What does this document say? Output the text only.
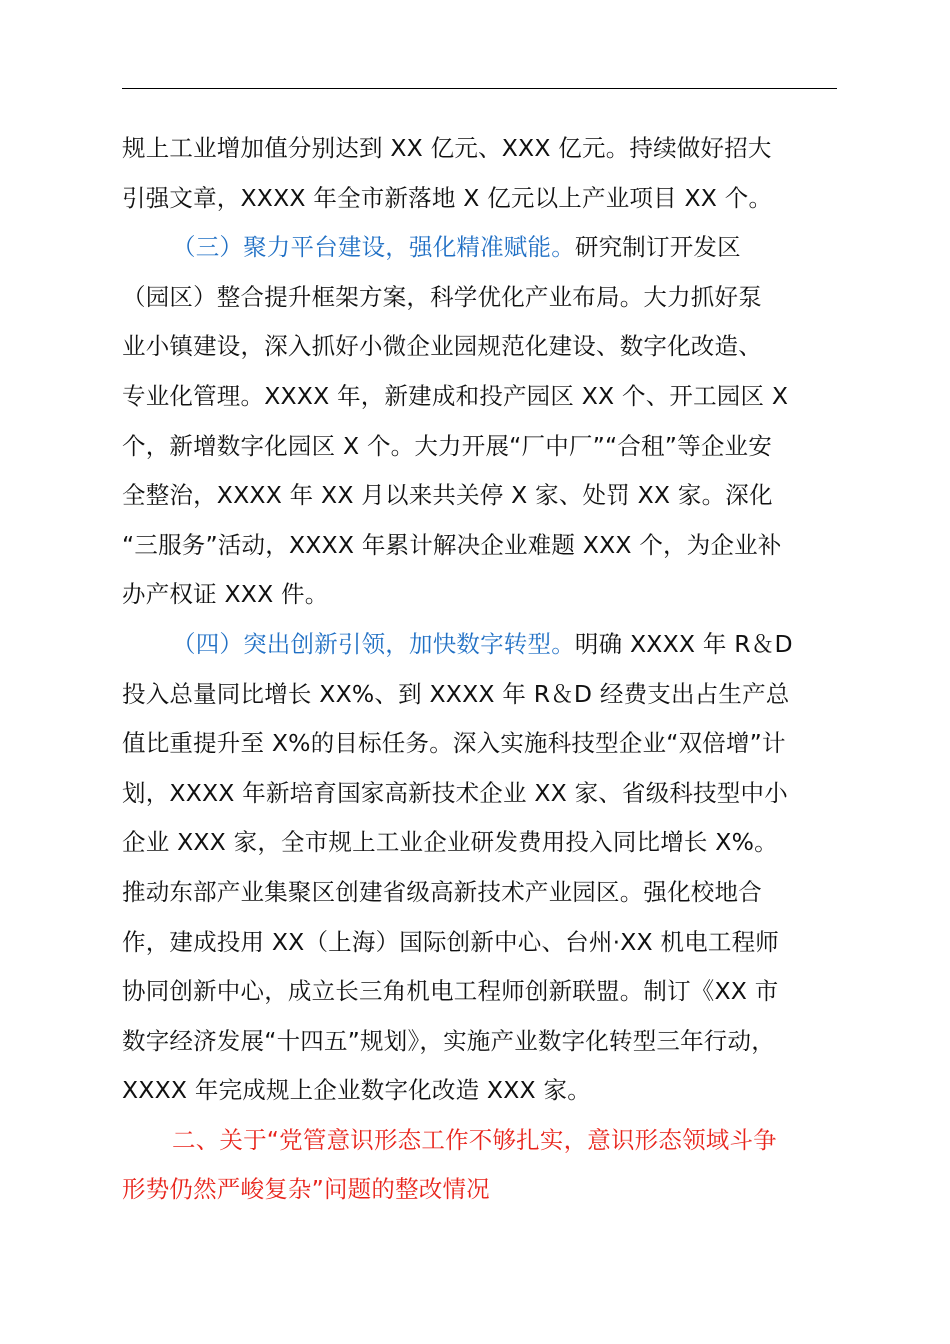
规上工业增加值分别达到 XX 亿元、XXX 亿元。持续做好招大
引强文章，XXXX 年全市新落地 X 亿元以上产业项目 XX 个。
（三）聚力平台建设，强化精准赋能。研究制订开发区
（园区）整合提升框架方案，科学优化产业布局。大力抓好泵
业小镇建设，深入抓好小微企业园规范化建设、数字化改造、
专业化管理。XXXX 年，新建成和投产园区 XX 个、开工园区 X
个，新增数字化园区 X 个。大力开展“厂中厂”“合租”等企业安
全整治，XXXX 年 XX 月以来共关停 X 家、处罚 XX 家。深化
“三服务”活动，XXXX 年累计解决企业难题 XXX 个，为企业补
办产权证 XXX 件。
（四）突出创新引领，加快数字转型。明确 XXXX 年 R＆D
投入总量同比增长 XX%、到 XXXX 年 R＆D 经费支出占生产总
值比重提升至 X%的目标任务。深入实施科技型企业“双倍增”计
划，XXXX 年新培育国家高新技术企业 XX 家、省级科技型中小
企业 XXX 家，全市规上工业企业研发费用投入同比增长 X%。
推动东部产业集聚区创建省级高新技术产业园区。强化校地合
作，建成投用 XX（上海）国际创新中心、台州·XX 机电工程师
协同创新中心，成立长三角机电工程师创新联盟。制订《XX 市
数字经济发展“十四五”规划》，实施产业数字化转型三年行动，
XXXX 年完成规上企业数字化改造 XXX 家。
二、关于“党管意识形态工作不够扎实，意识形态领域斗争
形势仍然严峻复杂”问题的整改情况
